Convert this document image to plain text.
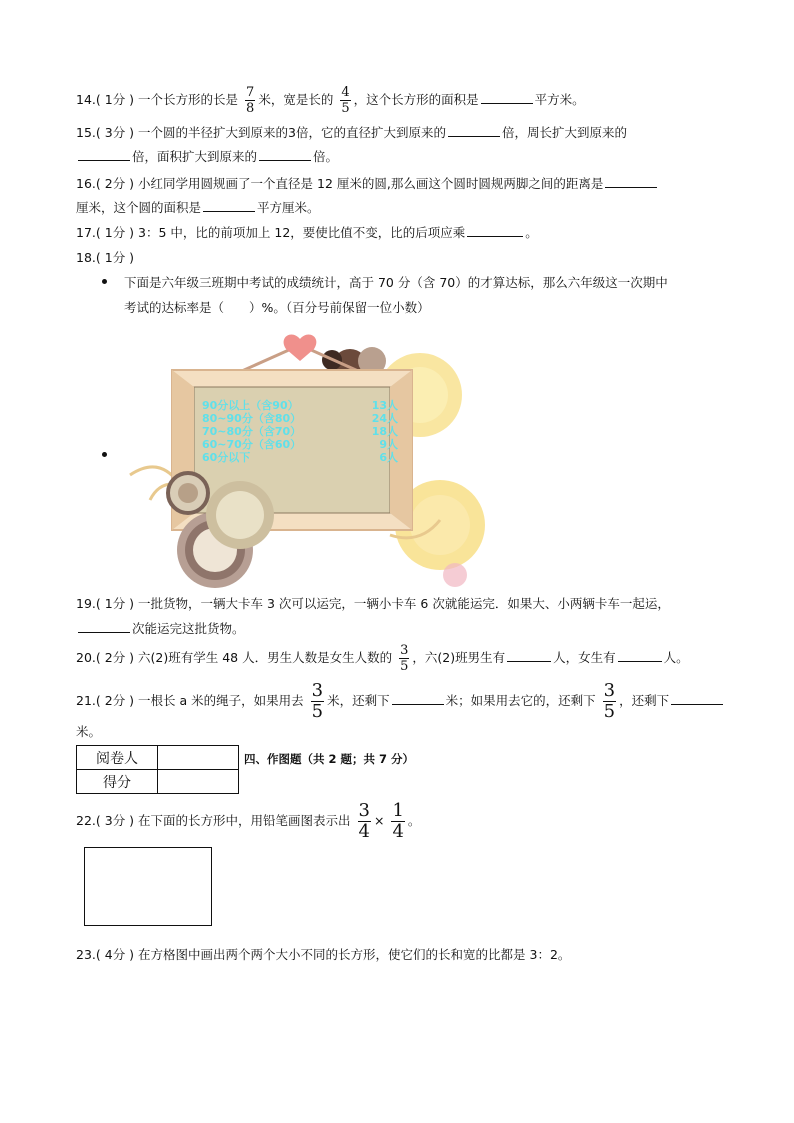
14.( 1分 ) 一个长方形的长是 $\frac{7}{8}$ 米，宽是长的 $\frac{4}{5}$ ，这个长方形的面积是	平方米。
15.( 3分 ) 一个圆的半径扩大到原来的3倍，它的直径扩大到原来的	倍，周长扩大到原来的
倍，面积扩大到原来的	倍。
16.( 2分 ) 小红同学用圆规画了一个直径是 12 厘米的圆,那么画这个圆时圆规两脚之间的距离是
厘米，这个圆的面积是	平方厘米。
17.( 1分 ) 3：5 中，比的前项加上 12，要使比值不变，比的后项应乘	。
18.( 1分 )
下面是六年级三班期中考试的成绩统计，高于 70 分（含 70）的才算达标，那么六年级这一次期中
考试的达标率是（　　）%。（百分号前保留一位小数）
90分以上（含90）	13人
80~90分（含80）	24人
70~80分（含70）	18人
60~70分（含60）	9人
60分以下	6人
19.( 1分 ) 一批货物，一辆大卡车 3 次可以运完，一辆小卡车 6 次就能运完．如果大、小两辆卡车一起运，
次能运完这批货物。
20.( 2分 ) 六(2)班有学生 48 人．男生人数是女生人数的 $\frac{3}{5}$ ，六(2)班男生有	人，女生有	人。
21.( 2分 ) 一根长 a 米的绳子，如果用去 $\frac{3}{5}$ 米，还剩下	米；如果用去它的，还剩下 $\frac{3}{5}$ ，还剩下
米。
阅卷人	
得分	
四、作图题（共 2 题；共 7 分）
22.( 3分 ) 在下面的长方形中，用铅笔画图表示出 $\frac{3}{4} \times \frac{1}{4}$ 。
23.( 4分 ) 在方格图中画出两个两个大小不同的长方形，使它们的长和宽的比都是 3：2。
